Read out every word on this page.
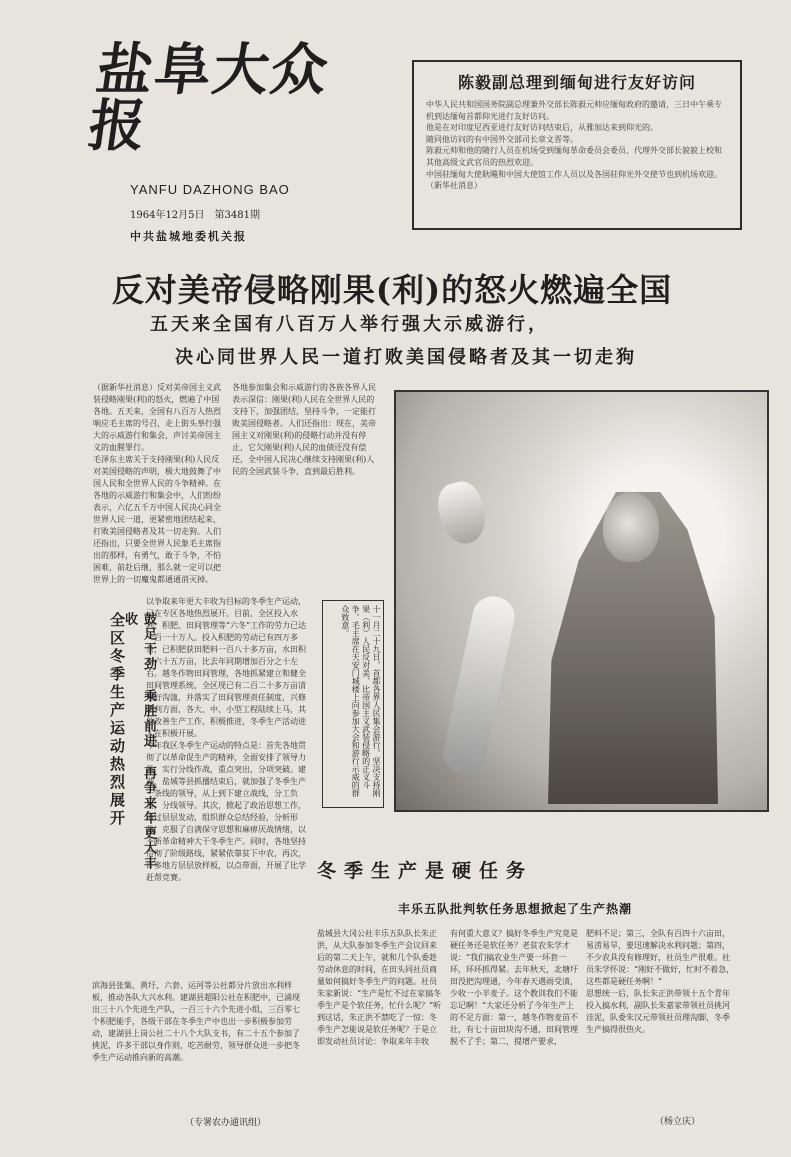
盐阜大众报
YANFU DAZHONG BAO
1964年12月5日　第3481期
中共盐城地委机关报
陈毅副总理到缅甸进行友好访问
中华人民共和国国务院副总理兼外交部长陈毅元帅应缅甸政府的邀请，三日中午乘专机到达缅甸首都仰光进行友好访问。
他是在对印度尼西亚进行友好访问结束后，从雅加达来到仰光的。
随同他访问的有中国外交部司长章文晋等。
陈毅元帅和他的随行人员在机场受到缅甸革命委员会委员、代理外交部长貌貌上校和其他高级文武官员的热烈欢迎。
中国驻缅甸大使耿飚和中国大使馆工作人员以及各国驻仰光外交使节也到机场欢迎。
（新华社消息）
反对美帝侵略刚果(利)的怒火燃遍全国
五天来全国有八百万人举行强大示威游行，
决心同世界人民一道打败美国侵略者及其一切走狗
（据新华社消息）反对美帝国主义武装侵略刚果(利)的怒火，燃遍了中国各地。五天来，全国有八百万人热烈响应毛主席的号召，走上街头举行强大的示威游行和集会，声讨美帝国主义的血腥罪行。
毛泽东主席关于支持刚果(利)人民反对美国侵略的声明，极大地鼓舞了中国人民和全世界人民的斗争精神。在各地的示威游行和集会中，人们纷纷表示，六亿五千万中国人民决心同全世界人民一道，更紧密地团结起来，打败美国侵略者及其一切走狗。人们还指出，只要全世界人民象毛主席指出的那样，有勇气，敢于斗争，不怕困难，前赴后继，那么就一定可以把世界上的一切魔鬼都通通消灭掉。
各地参加集会和示威游行的各族各界人民表示深信：刚果(利)人民在全世界人民的支持下，加强团结，坚持斗争，一定能打败美国侵略者。人们还指出：现在，美帝国主义对刚果(利)的侵略行动并没有停止，它欠刚果(利)人民的血债还没有偿还，全中国人民决心继续支持刚果(利)人民的全国武装斗争，直到最后胜利。
十一月二十九日，首都各界人民集会游行，坚决支持刚果（利）人民反对美、比帝国主义武装侵略的正义斗争。毛主席在天安门城楼上向参加大会和游行示威的群众致意。
全区冬季生产运动热烈展开	鼓足干劲 乘胜前进 再争来年更大丰收
以争取来年更大丰收为目标的冬季生产运动，已在专区各地热烈展开。目前，全区投入水利、积肥、田间管理等“六冬”工作的劳力已达一百一十万人。投入积肥的劳动已有四万多条，已积肥获田肥料一百八十多万亩，水田积料六十五万亩，比去年同期增加百分之十左右。越冬作物田间管理，各地抓紧建立和健全田间管理系统，全区现已有二百二十多万亩清理好沟洫，并落实了田间管理责任制度，兴修水利方面，各大、中、小型工程陆续上马，其他改善生产工作，积极推进，冬季生产活动进入在积极开展。
今年我区冬季生产运动的特点是：首先各地贯彻了以革命促生产的精神，全面安排了领导力量，实行分线作战，重点突出，分项突破。建湖、盐城等县抓播结束后，就加强了冬季生产一条线的领导，从上到下建立战线，分工负责，分线领导。其次，掀起了政治思想工作，通过层层发动，组织群众总结经验，分析形势，克服了自满保守思想和麻痹厌战情绪，以不断革命精神大干冬季生产。同时，各地坚持贯彻了阶级路线，紧紧依靠贫下中农，再次，许多地方层层放样板，以点带面，开展了比学赶帮竞赛。
滨海县张集、黄圩、六套、运河等公社都分片放出水利样板，推动各队大兴水利。建湖县超阳公社在积肥中，已涌现出三十八个先进生产队，一百三十六个先进小组，三百零七个积肥能手，各级干部在冬季生产中也出一步积极参加劳动，建湖县上岗公社二十八个大队支书，有二十五个参加了挑泥，许多干部以身作则，吃苦耐劳，领导群众进一步把冬季生产运动推向新的高潮。
（专署农办通讯组）
冬季生产是硬任务
丰乐五队批判软任务思想掀起了生产热潮
盐城县大冈公社丰乐五队队长朱正洪，从大队参加冬季生产会议回来后的第二天上午，就和几个队委趁劳动休息的时间，在田头同社员商量如何搞好冬季生产的问题。社员朱家新说：“生产是忙不过在家搞冬季生产是个软任务，忙什么呢？”听到这话，朱正洪不禁吃了一惊：冬季生产怎能说是软任务呢？于是立即发动社员讨论：争取来年丰收
有何重大意义？搞好冬季生产究竟是硬任务还是软任务？老贫农朱学才说：“我们搞农业生产要一环套一环，环环抓得紧。去年秋天，北塘圩田没把沟理通，今年春天遇雨受渍，少收一小半麦子。这个教训我们不能忘记啊！”大家还分析了今年生产上的不足方面：第一，越冬作物麦苗不壮，有七十亩田块沟不通，田间管理脱不了手；第二，提增产要求，
肥料不足；第三，全队有百四十六亩田，易涝易旱，要迅速解决水利问题；第四，不少农具没有修理好，社员生产很难。社员朱学怀说：“刚好不做好，忙时不着急，这些都是硬任务啊！”
思想统一后，队长朱正洪带领十五个青年投入搞水利，副队长朱嘉家带领社员挑河洼泥，队委朱汉元带领社员理沟脚，冬季生产搞得很热火。
（杨立庆）
